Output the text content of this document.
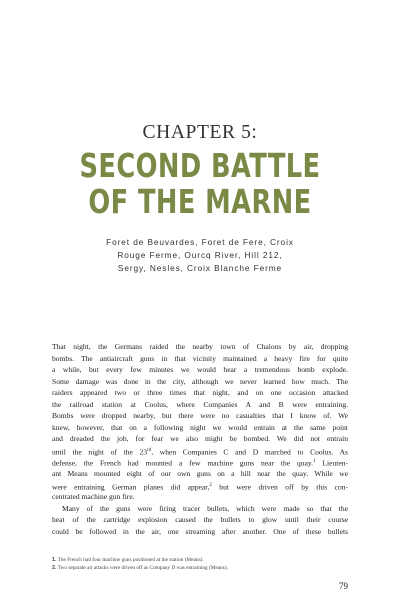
CHAPTER 5:
SECOND BATTLE
OF THE MARNE
Foret de Beuvardes, Foret de Fere, Croix
Rouge Ferme, Ourcq River, Hill 212,
Sergy, Nesles, Croix Blanche Ferme
That night, the Germans raided the nearby town of Chalons by air, dropping
bombs. The antiaircraft guns in that vicinity maintained a heavy fire for quite
a while, but every few minutes we would hear a tremendous bomb explode.
Some damage was done in the city, although we never learned how much. The
raiders appeared two or three times that night, and on one occasion attacked
the railroad station at Coolus, where Companies A and B were entraining.
Bombs were dropped nearby, but there were no casualties that I know of. We
knew, however, that on a following night we would entrain at the same point
and dreaded the job, for fear we also might be bombed. We did not entrain
until the night of the 23rd, when Companies C and D marched to Coolus. As
defense, the French had mounted a few machine guns near the quay.$^1$ Lieuten-
ant Means mounted eight of our own guns on a hill near the quay. While we
were entraining German planes did appear,$^2$ but were driven off by this con-
centrated machine gun fire.
Many of the guns were firing tracer bullets, which were made so that the
heat of the cartridge explosion caused the bullets to glow until their course
could be followed in the air, one streaming after another. One of these bullets
1. The French had four machine guns positioned at the station (Means).
2. Two separate air attacks were driven off as Company D was entraining (Means).
79
